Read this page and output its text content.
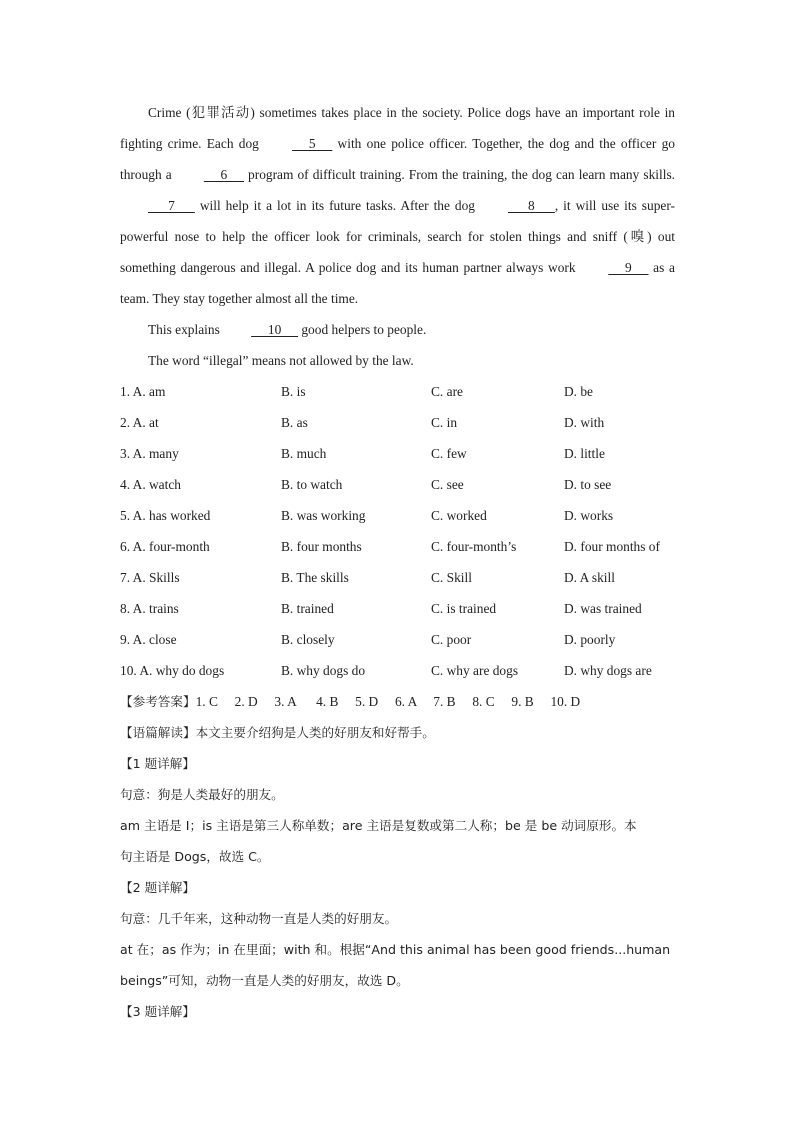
Crime (犯罪活动) sometimes takes place in the society. Police dogs have an important role in fighting crime. Each dog      5      with one police officer. Together, the dog and the officer go through a      6      program of difficult training. From the training, the dog can learn many skills.       7       will help it a lot in its future tasks. After the dog       8      , it will use its super-powerful nose to help the officer look for criminals, search for stolen things and sniff (嗅) out something dangerous and illegal. A police dog and its human partner always work      9      as a team. They stay together almost all the time.

This explains      10      good helpers to people.

The word “illegal” means not allowed by the law.

1. A. am	B. is	C. are	D. be
2. A. at	B. as	C. in	D. with
3. A. many	B. much	C. few	D. little
4. A. watch	B. to watch	C. see	D. to see
5. A. has worked	B. was working	C. worked	D. works
6. A. four-month	B. four months	C. four-month’s	D. four months of
7. A. Skills	B. The skills	C. Skill	D. A skill
8. A. trains	B. trained	C. is trained	D. was trained
9. A. close	B. closely	C. poor	D. poorly
10. A. why do dogs	B. why dogs do	C. why are dogs	D. why dogs are

【参考答案】1. C     2. D     3. A      4. B     5. D     6. A     7. B     8. C     9. B     10. D

【语篇解读】本文主要介绍狗是人类的好朋友和好帮手。

【1 题详解】

句意：狗是人类最好的朋友。

am 主语是 I；is 主语是第三人称单数；are 主语是复数或第二人称；be 是 be 动词原形。本

句主语是 Dogs，故选 C。

【2 题详解】

句意：几千年来，这种动物一直是人类的好朋友。

at 在；as 作为；in 在里面；with 和。根据“And this animal has been good friends...human

beings”可知，动物一直是人类的好朋友，故选 D。

【3 题详解】
